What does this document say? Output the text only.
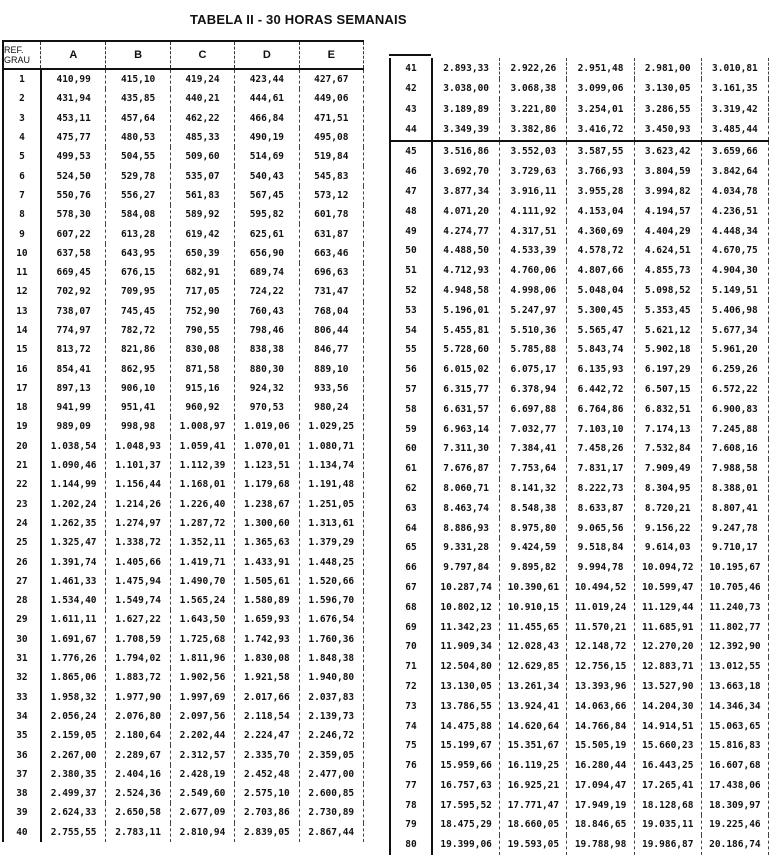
TABELA II - 30 HORAS SEMANAIS
REF.
GRAU	A	B	C	D	E
1	410,99	415,10	419,24	423,44	427,67
2	431,94	435,85	440,21	444,61	449,06
3	453,11	457,64	462,22	466,84	471,51
4	475,77	480,53	485,33	490,19	495,08
5	499,53	504,55	509,60	514,69	519,84
6	524,50	529,78	535,07	540,43	545,83
7	550,76	556,27	561,83	567,45	573,12
8	578,30	584,08	589,92	595,82	601,78
9	607,22	613,28	619,42	625,61	631,87
10	637,58	643,95	650,39	656,90	663,46
11	669,45	676,15	682,91	689,74	696,63
12	702,92	709,95	717,05	724,22	731,47
13	738,07	745,45	752,90	760,43	768,04
14	774,97	782,72	790,55	798,46	806,44
15	813,72	821,86	830,08	838,38	846,77
16	854,41	862,95	871,58	880,30	889,10
17	897,13	906,10	915,16	924,32	933,56
18	941,99	951,41	960,92	970,53	980,24
19	989,09	998,98	1.008,97	1.019,06	1.029,25
20	1.038,54	1.048,93	1.059,41	1.070,01	1.080,71
21	1.090,46	1.101,37	1.112,39	1.123,51	1.134,74
22	1.144,99	1.156,44	1.168,01	1.179,68	1.191,48
23	1.202,24	1.214,26	1.226,40	1.238,67	1.251,05
24	1.262,35	1.274,97	1.287,72	1.300,60	1.313,61
25	1.325,47	1.338,72	1.352,11	1.365,63	1.379,29
26	1.391,74	1.405,66	1.419,71	1.433,91	1.448,25
27	1.461,33	1.475,94	1.490,70	1.505,61	1.520,66
28	1.534,40	1.549,74	1.565,24	1.580,89	1.596,70
29	1.611,11	1.627,22	1.643,50	1.659,93	1.676,54
30	1.691,67	1.708,59	1.725,68	1.742,93	1.760,36
31	1.776,26	1.794,02	1.811,96	1.830,08	1.848,38
32	1.865,06	1.883,72	1.902,56	1.921,58	1.940,80
33	1.958,32	1.977,90	1.997,69	2.017,66	2.037,83
34	2.056,24	2.076,80	2.097,56	2.118,54	2.139,73
35	2.159,05	2.180,64	2.202,44	2.224,47	2.246,72
36	2.267,00	2.289,67	2.312,57	2.335,70	2.359,05
37	2.380,35	2.404,16	2.428,19	2.452,48	2.477,00
38	2.499,37	2.524,36	2.549,60	2.575,10	2.600,85
39	2.624,33	2.650,58	2.677,09	2.703,86	2.730,89
40	2.755,55	2.783,11	2.810,94	2.839,05	2.867,44
41	2.893,33	2.922,26	2.951,48	2.981,00	3.010,81
42	3.038,00	3.068,38	3.099,06	3.130,05	3.161,35
43	3.189,89	3.221,80	3.254,01	3.286,55	3.319,42
44	3.349,39	3.382,86	3.416,72	3.450,93	3.485,44
45	3.516,86	3.552,03	3.587,55	3.623,42	3.659,66
46	3.692,70	3.729,63	3.766,93	3.804,59	3.842,64
47	3.877,34	3.916,11	3.955,28	3.994,82	4.034,78
48	4.071,20	4.111,92	4.153,04	4.194,57	4.236,51
49	4.274,77	4.317,51	4.360,69	4.404,29	4.448,34
50	4.488,50	4.533,39	4.578,72	4.624,51	4.670,75
51	4.712,93	4.760,06	4.807,66	4.855,73	4.904,30
52	4.948,58	4.998,06	5.048,04	5.098,52	5.149,51
53	5.196,01	5.247,97	5.300,45	5.353,45	5.406,98
54	5.455,81	5.510,36	5.565,47	5.621,12	5.677,34
55	5.728,60	5.785,88	5.843,74	5.902,18	5.961,20
56	6.015,02	6.075,17	6.135,93	6.197,29	6.259,26
57	6.315,77	6.378,94	6.442,72	6.507,15	6.572,22
58	6.631,57	6.697,88	6.764,86	6.832,51	6.900,83
59	6.963,14	7.032,77	7.103,10	7.174,13	7.245,88
60	7.311,30	7.384,41	7.458,26	7.532,84	7.608,16
61	7.676,87	7.753,64	7.831,17	7.909,49	7.988,58
62	8.060,71	8.141,32	8.222,73	8.304,95	8.388,01
63	8.463,74	8.548,38	8.633,87	8.720,21	8.807,41
64	8.886,93	8.975,80	9.065,56	9.156,22	9.247,78
65	9.331,28	9.424,59	9.518,84	9.614,03	9.710,17
66	9.797,84	9.895,82	9.994,78	10.094,72	10.195,67
67	10.287,74	10.390,61	10.494,52	10.599,47	10.705,46
68	10.802,12	10.910,15	11.019,24	11.129,44	11.240,73
69	11.342,23	11.455,65	11.570,21	11.685,91	11.802,77
70	11.909,34	12.028,43	12.148,72	12.270,20	12.392,90
71	12.504,80	12.629,85	12.756,15	12.883,71	13.012,55
72	13.130,05	13.261,34	13.393,96	13.527,90	13.663,18
73	13.786,55	13.924,41	14.063,66	14.204,30	14.346,34
74	14.475,88	14.620,64	14.766,84	14.914,51	15.063,65
75	15.199,67	15.351,67	15.505,19	15.660,23	15.816,83
76	15.959,66	16.119,25	16.280,44	16.443,25	16.607,68
77	16.757,63	16.925,21	17.094,47	17.265,41	17.438,06
78	17.595,52	17.771,47	17.949,19	18.128,68	18.309,97
79	18.475,29	18.660,05	18.846,65	19.035,11	19.225,46
80	19.399,06	19.593,05	19.788,98	19.986,87	20.186,74
